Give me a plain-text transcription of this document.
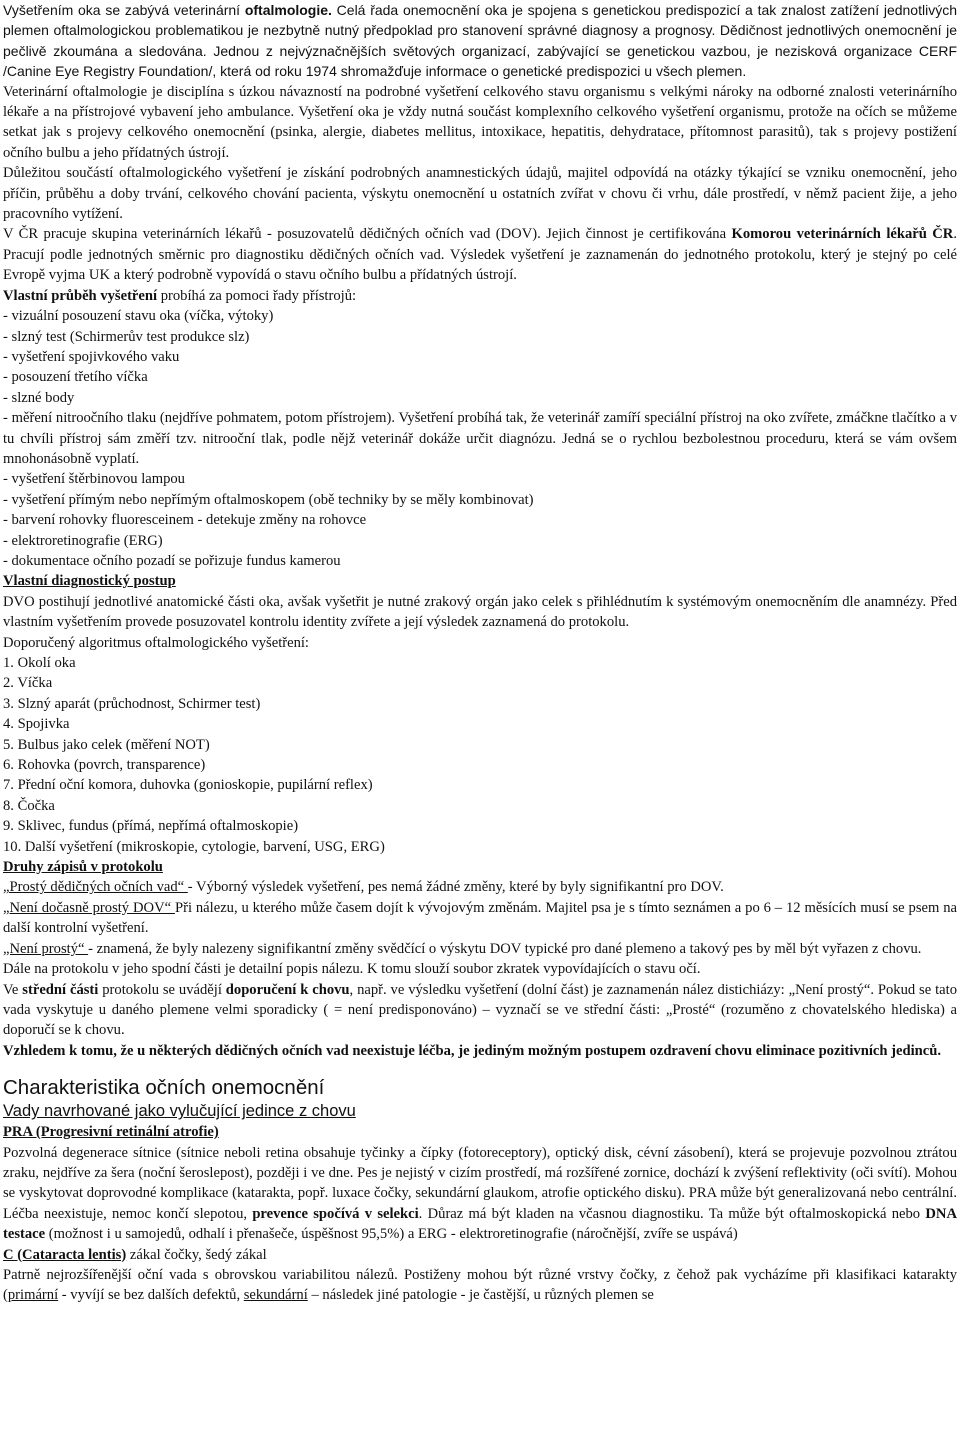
Vyšetřením oka se zabývá veterinární oftalmologie. Celá řada onemocnění oka je spojena s genetickou predispozicí a tak znalost zatížení jednotlivých plemen oftalmologickou problematikou je nezbytně nutný předpoklad pro stanovení správné diagnosy a prognosy. Dědičnost jednotlivých onemocnění je pečlivě zkoumána a sledována. Jednou z nejvýznačnějších světových organizací, zabývající se genetickou vazbou, je nezisková organizace CERF /Canine Eye Registry Foundation/, která od roku 1974 shromažďuje informace o genetické predispozici u všech plemen.

Veterinární oftalmologie je disciplína s úzkou návazností na podrobné vyšetření celkového stavu organismu s velkými nároky na odborné znalosti veterinárního lékaře a na přístrojové vybavení jeho ambulance. Vyšetření oka je vždy nutná součást komplexního celkového vyšetření organismu, protože na očích se můžeme setkat jak s projevy celkového onemocnění (psinka, alergie, diabetes mellitus, intoxikace, hepatitis, dehydratace, přítomnost parasitů), tak s projevy postižení očního bulbu a jeho přídatných ústrojí.

Důležitou součástí oftalmologického vyšetření je získání podrobných anamnestických údajů, majitel odpovídá na otázky týkající se vzniku onemocnění, jeho příčin, průběhu a doby trvání, celkového chování pacienta, výskytu onemocnění u ostatních zvířat v chovu či vrhu, dále prostředí, v němž pacient žije, a jeho pracovního vytížení.

V ČR pracuje skupina veterinárních lékařů - posuzovatelů dědičných očních vad (DOV). Jejich činnost je certifikována Komorou veterinárních lékařů ČR. Pracují podle jednotných směrnic pro diagnostiku dědičných očních vad. Výsledek vyšetření je zaznamenán do jednotného protokolu, který je stejný po celé Evropě vyjma UK a který podrobně vypovídá o stavu očního bulbu a přídatných ústrojí.

Vlastní průběh vyšetření probíhá za pomoci řady přístrojů:

- vizuální posouzení stavu oka (víčka, výtoky)

- slzný test (Schirmerův test produkce slz)

- vyšetření spojivkového vaku

- posouzení třetího víčka

- slzné body

- měření nitroočního tlaku (nejdříve pohmatem, potom přístrojem). Vyšetření probíhá tak, že veterinář zamíří speciální přístroj na oko zvířete, zmáčkne tlačítko a v tu chvíli přístroj sám změří tzv. nitrooční tlak, podle nějž veterinář dokáže určit diagnózu. Jedná se o rychlou bezbolestnou proceduru, která se vám ovšem mnohonásobně vyplatí.

- vyšetření štěrbinovou lampou

- vyšetření přímým nebo nepřímým oftalmoskopem (obě techniky by se měly kombinovat)

- barvení rohovky fluoresceinem - detekuje změny na rohovce

- elektroretinografie (ERG)

- dokumentace očního pozadí se pořizuje fundus kamerou

Vlastní diagnostický postup

DVO postihují jednotlivé anatomické části oka, avšak vyšetřit je nutné zrakový orgán jako celek s přihlédnutím k systémovým onemocněním dle anamnézy. Před vlastním vyšetřením provede posuzovatel kontrolu identity zvířete a její výsledek zaznamená do protokolu.

Doporučený algoritmus oftalmologického vyšetření:

1. Okolí oka

2. Víčka

3. Slzný aparát (průchodnost, Schirmer test)

4. Spojivka

5. Bulbus jako celek (měření NOT)

6. Rohovka (povrch, transparence)

7. Přední oční komora, duhovka (gonioskopie, pupilární reflex)

8. Čočka

9. Sklivec, fundus (přímá, nepřímá oftalmoskopie)

10. Další vyšetření (mikroskopie, cytologie, barvení, USG, ERG)

Druhy zápisů v protokolu

„Prostý dědičných očních vad“ - Výborný výsledek vyšetření, pes nemá žádné změny, které by byly signifikantní pro DOV.

„Není dočasně prostý DOV“ Při nálezu, u kterého může časem dojít k vývojovým změnám. Majitel psa je s tímto seznámen a po 6 – 12 měsících musí se psem na další kontrolní vyšetření.

„Není prostý“ - znamená, že byly nalezeny signifikantní změny svědčící o výskytu DOV typické pro dané plemeno a takový pes by měl být vyřazen z chovu.

Dále na protokolu v jeho spodní části je detailní popis nálezu. K tomu slouží soubor zkratek vypovídajících o stavu očí.

Ve střední části protokolu se uvádějí doporučení k chovu, např. ve výsledku vyšetření (dolní část) je zaznamenán nález distichiázy: „Není prostý“. Pokud se tato vada vyskytuje u daného plemene velmi sporadicky ( = není predisponováno) – vyznačí se ve střední části: „Prosté“ (rozuměno z chovatelského hlediska) a doporučí se k chovu.

Vzhledem k tomu, že u některých dědičných očních vad neexistuje léčba, je jediným možným postupem ozdravení chovu eliminace pozitivních jedinců.

Charakteristika očních onemocnění

Vady navrhované jako vylučující jedince z chovu

PRA (Progresivní retinální atrofie)

Pozvolná degenerace sítnice (sítnice neboli retina obsahuje tyčinky a čípky (fotoreceptory), optický disk, cévní zásobení), která se projevuje pozvolnou ztrátou zraku, nejdříve za šera (noční šeroslepost), později i ve dne. Pes je nejistý v cizím prostředí, má rozšířené zornice, dochází k zvýšení reflektivity (oči svítí). Mohou se vyskytovat doprovodné komplikace (katarakta, popř. luxace čočky, sekundární glaukom, atrofie optického disku). PRA může být generalizovaná nebo centrální. Léčba neexistuje, nemoc končí slepotou, prevence spočívá v selekci. Důraz má být kladen na včasnou diagnostiku. Ta může být oftalmoskopická nebo DNA testace (možnost i u samojedů, odhalí i přenašeče, úspěšnost 95,5%) a ERG - elektroretinografie (náročnější, zvíře se uspává)

C (Cataracta lentis) zákal čočky, šedý zákal

Patrně nejrozšířenější oční vada s obrovskou variabilitou nálezů. Postiženy mohou být různé vrstvy čočky, z čehož pak vycházíme při klasifikaci katarakty (primární - vyvíjí se bez dalších defektů, sekundární – následek jiné patologie - je častější, u různých plemen se
